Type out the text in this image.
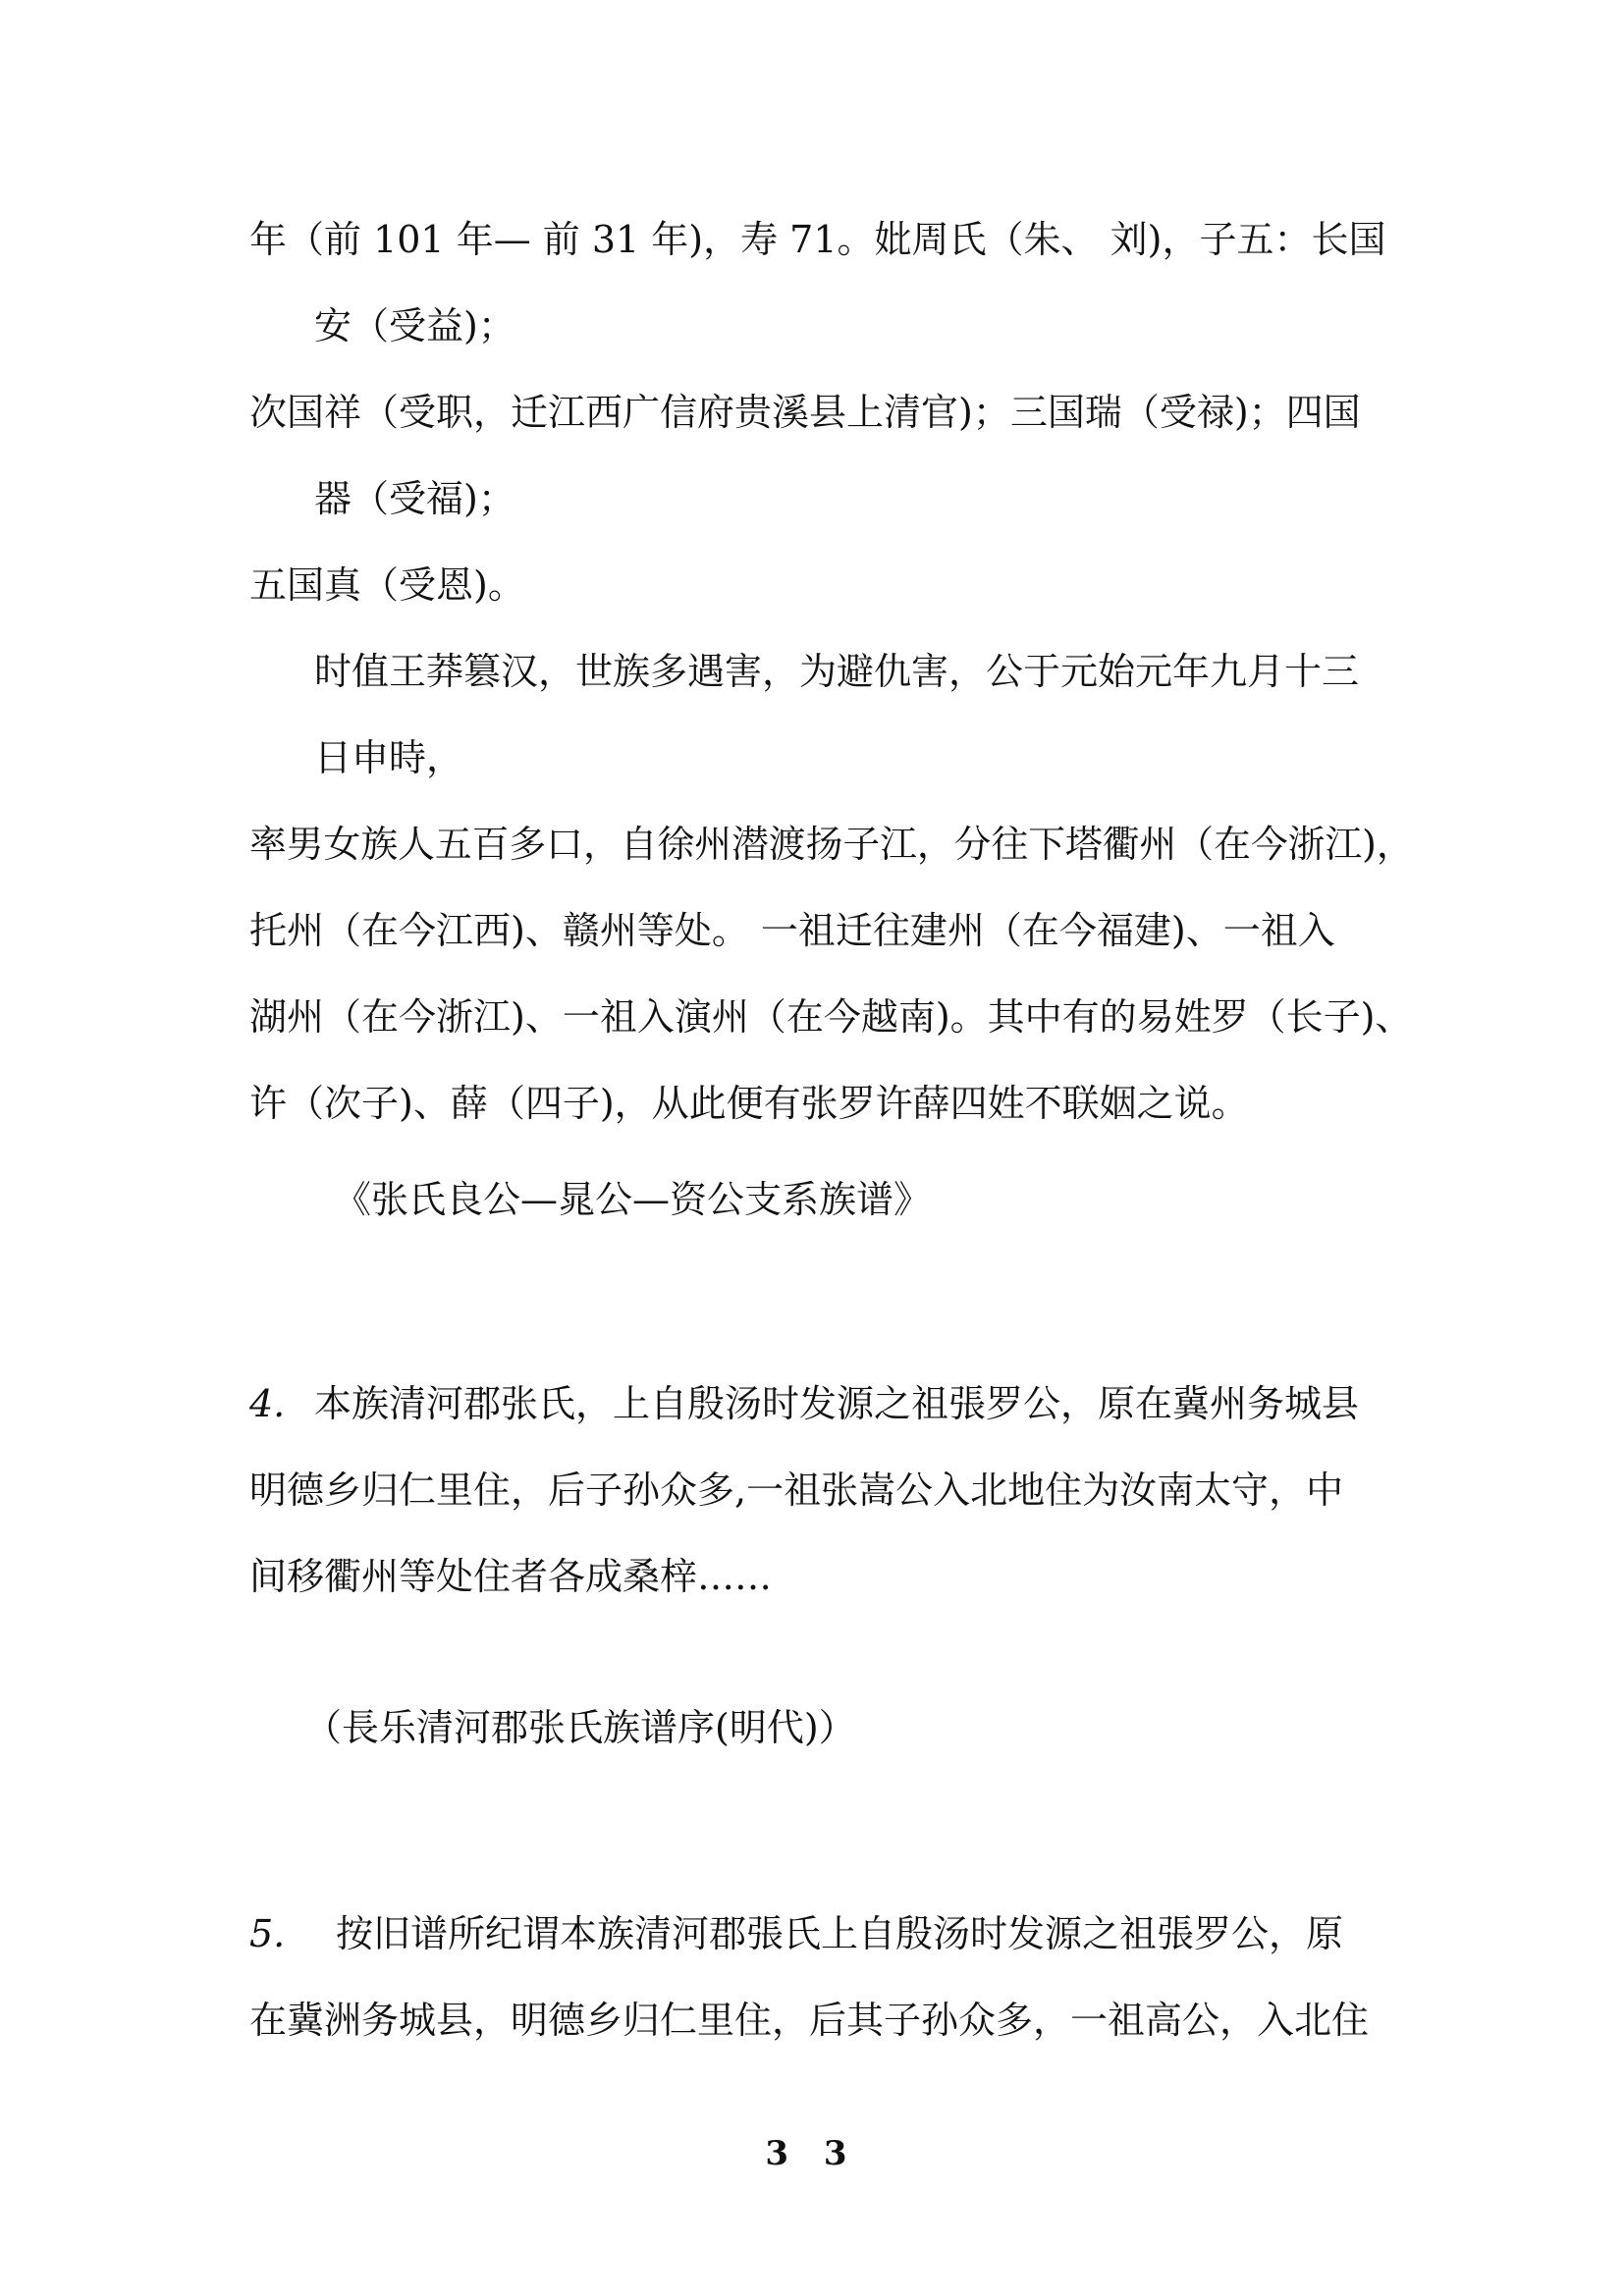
年（前 101 年— 前 31 年)，寿 71。妣周氏（朱、 刘)，子五：长国
安（受益)；
次国祥（受职，迁江西广信府贵溪县上清官)；三国瑞（受禄)；四国
器（受福)；
五国真（受恩)。
时值王莽篡汉，世族多遇害，为避仇害，公于元始元年九月十三
日申時，
率男女族人五百多口，自徐州潜渡扬子江，分往下塔衢州（在今浙江)，
托州（在今江西)、赣州等处。 一祖迁往建州（在今福建)、一祖入
湖州（在今浙江)、一祖入演州（在今越南)。其中有的易姓罗（长子)、
许（次子)、薛（四子)，从此便有张罗许薛四姓不联姻之说。
《张氏良公—晁公—资公支系族谱》
4. 本族清河郡张氏，上自殷汤时发源之祖張罗公，原在冀州务城县
明德乡归仁里住，后子孙众多,一祖张嵩公入北地住为汝南太守，中
间移衢州等处住者各成桑梓……
（長乐清河郡张氏族谱序(明代)）
5. 按旧谱所纪谓本族清河郡張氏上自殷汤时发源之祖張罗公，原
在冀洲务城县，明德乡归仁里住，后其子孙众多，一祖高公，入北住
3 3
